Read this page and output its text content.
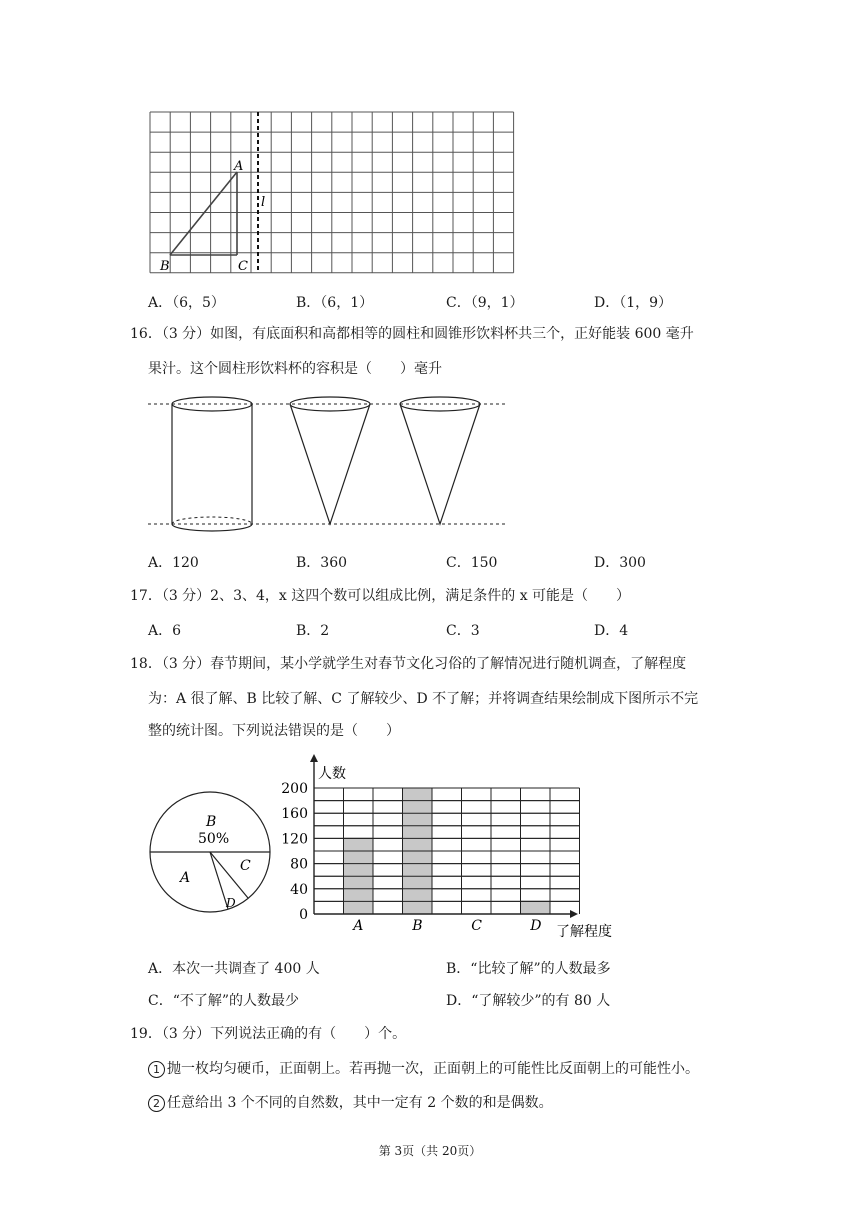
A
B	C
l
A．（6，5）	B．（6，1）	C．（9，1）	D．（1，9）
16．（3 分）如图，有底面积和高都相等的圆柱和圆锥形饮料杯共三个，正好能装 600 毫升
果汁。这个圆柱形饮料杯的容积是（　　）毫升
A．120	B．360	C．150	D．300
17．（3 分）2、3、4，x 这四个数可以组成比例，满足条件的 x 可能是（　　）
A．6	B．2	C．3	D．4
18．（3 分）春节期间，某小学就学生对春节文化习俗的了解情况进行随机调查，了解程度
为：A 很了解、B 比较了解、C 了解较少、D 不了解；并将调查结果绘制成下图所示不完
整的统计图。下列说法错误的是（　　）
B
50%
A
C
D
200
160
120
80
40
0
A	B	C	D
人数
了解程度
A．本次一共调查了 400 人	B．“比较了解”的人数最多
C．“不了解”的人数最少	D．“了解较少”的有 80 人
19．（3 分）下列说法正确的有（　　）个。
1 抛一枚均匀硬币，正面朝上。若再抛一次，正面朝上的可能性比反面朝上的可能性小。
2 任意给出 3 个不同的自然数，其中一定有 2 个数的和是偶数。
第 3页（共 20页）
